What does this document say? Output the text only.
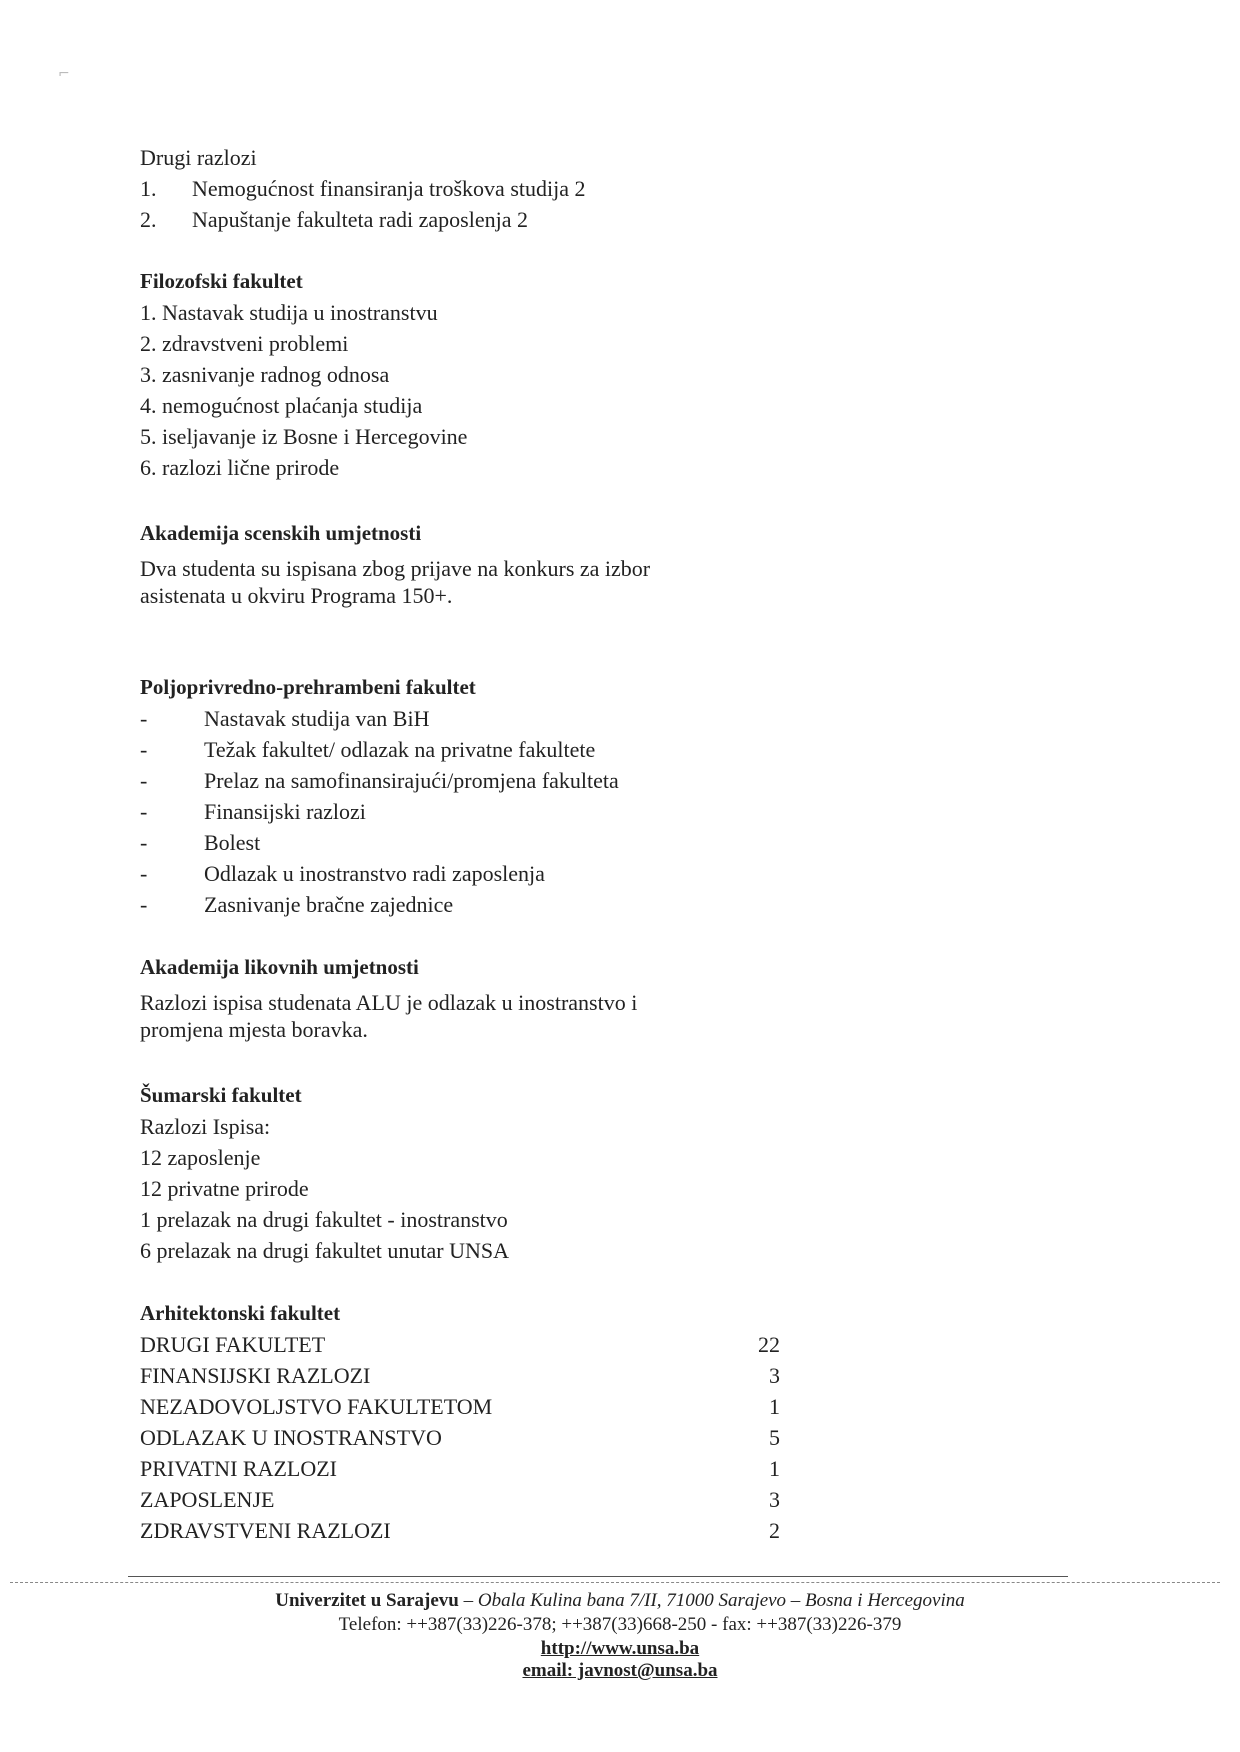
⌐
Drugi razlozi
1. Nemogućnost finansiranja troškova studija 2
2. Napuštanje fakulteta radi zaposlenja 2
Filozofski fakultet
1. Nastavak studija u inostranstvu
2. zdravstveni problemi
3. zasnivanje radnog odnosa
4. nemogućnost plaćanja studija
5. iseljavanje iz Bosne i Hercegovine
6. razlozi lične prirode
Akademija scenskih umjetnosti
Dva studenta su ispisana zbog prijave na konkurs za izbor
asistenata u okviru Programa 150+.
Poljoprivredno-prehrambeni fakultet
-	Nastavak studija van BiH
-	Težak fakultet/ odlazak na privatne fakultete
-	Prelaz na samofinansirajući/promjena fakulteta
-	Finansijski razlozi
-	Bolest
-	Odlazak u inostranstvo radi zaposlenja
-	Zasnivanje bračne zajednice
Akademija likovnih umjetnosti
Razlozi ispisa studenata ALU je odlazak u inostranstvo i
promjena mjesta boravka.
Šumarski fakultet
Razlozi Ispisa:
12 zaposlenje
12 privatne prirode
1 prelazak na drugi fakultet - inostranstvo
6 prelazak na drugi fakultet unutar UNSA
Arhitektonski fakultet
DRUGI FAKULTET	22
FINANSIJSKI RAZLOZI	3
NEZADOVOLJSTVO FAKULTETOM	1
ODLAZAK U INOSTRANSTVO	5
PRIVATNI RAZLOZI	1
ZAPOSLENJE	3
ZDRAVSTVENI RAZLOZI	2
Univerzitet u Sarajevu – Obala Kulina bana 7/II, 71000 Sarajevo – Bosna i Hercegovina
Telefon: ++387(33)226-378; ++387(33)668-250 - fax: ++387(33)226-379
http://www.unsa.ba
email: javnost@unsa.ba
